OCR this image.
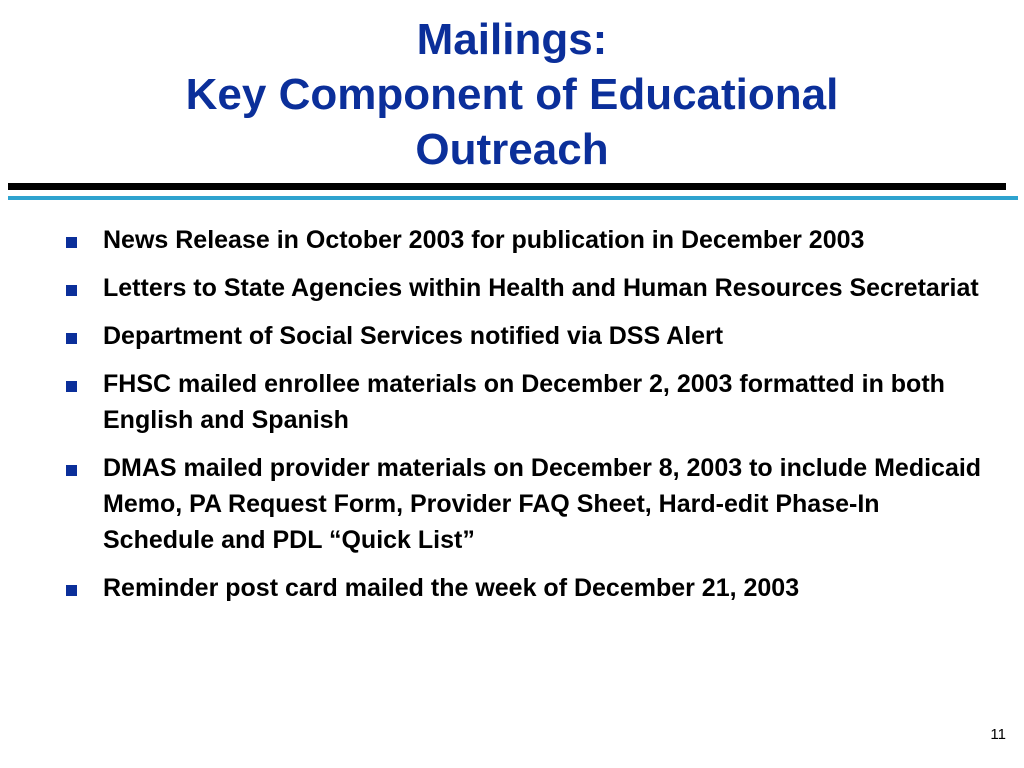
Mailings:
Key Component of Educational
Outreach
News Release in October 2003 for publication in December 2003
Letters to State Agencies within Health and Human Resources Secretariat
Department of Social Services notified via DSS Alert
FHSC mailed enrollee materials on December 2, 2003 formatted in both English and Spanish
DMAS mailed provider materials on December 8, 2003 to include Medicaid Memo, PA Request Form, Provider FAQ Sheet, Hard-edit Phase-In Schedule and PDL “Quick List”
Reminder post card mailed the week of December 21, 2003
11
